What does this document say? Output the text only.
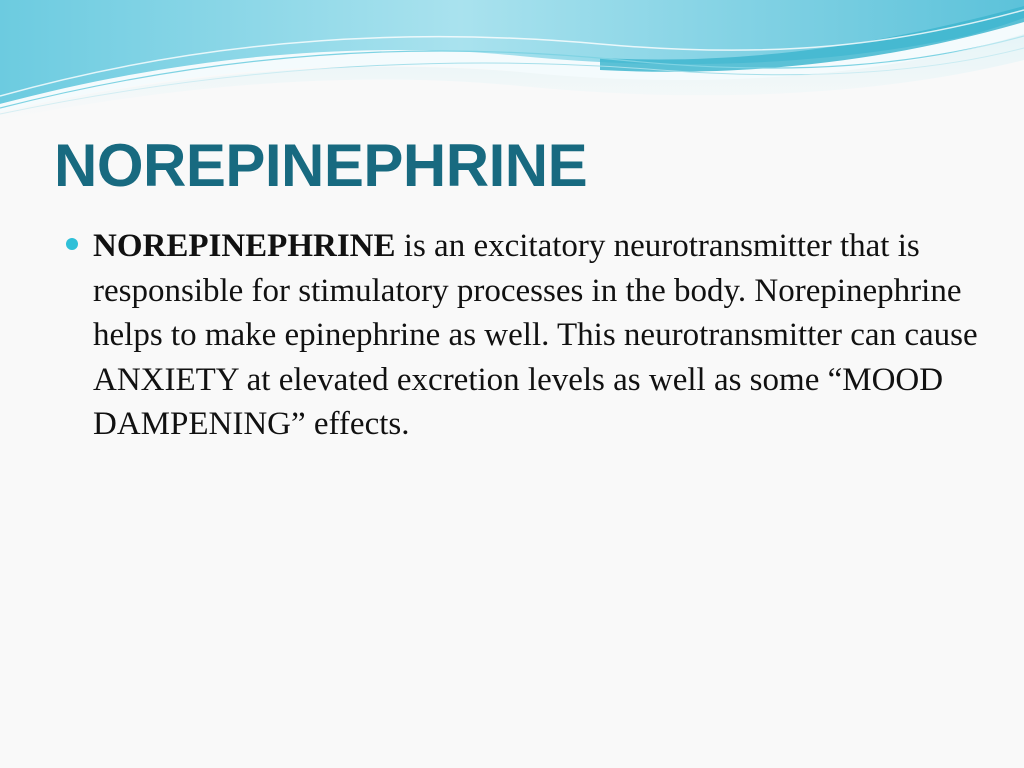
NOREPINEPHRINE
NOREPINEPHRINE is an excitatory neurotransmitter that is responsible for stimulatory processes in the body. Norepinephrine helps to make epinephrine as well. This neurotransmitter can cause ANXIETY at elevated excretion levels as well as some “MOOD DAMPENING” effects.
